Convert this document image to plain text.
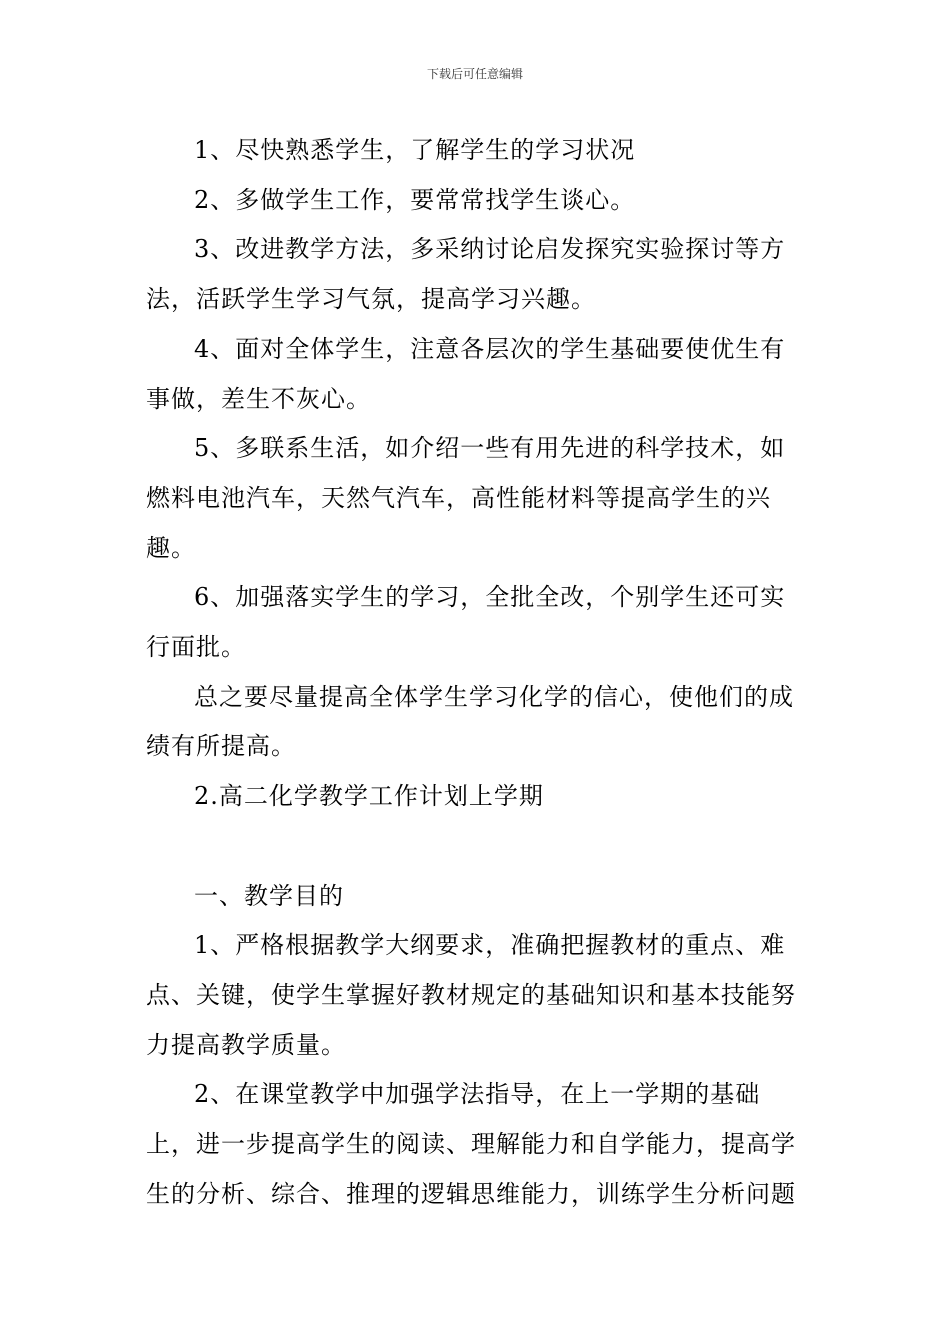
下载后可任意编辑

1、尽快熟悉学生，了解学生的学习状况

2、多做学生工作，要常常找学生谈心。

3、改进教学方法，多采纳讨论启发探究实验探讨等方法，活跃学生学习气氛，提高学习兴趣。

4、面对全体学生，注意各层次的学生基础要使优生有事做，差生不灰心。

5、多联系生活，如介绍一些有用先进的科学技术，如燃料电池汽车，天然气汽车，高性能材料等提高学生的兴趣。

6、加强落实学生的学习，全批全改，个别学生还可实行面批。

总之要尽量提高全体学生学习化学的信心，使他们的成绩有所提高。

2.高二化学教学工作计划上学期

一、教学目的

1、严格根据教学大纲要求，准确把握教材的重点、难点、关键，使学生掌握好教材规定的基础知识和基本技能努力提高教学质量。

2、在课堂教学中加强学法指导，在上一学期的基础上，进一步提高学生的阅读、理解能力和自学能力，提高学生的分析、综合、推理的逻辑思维能力，训练学生分析问题
